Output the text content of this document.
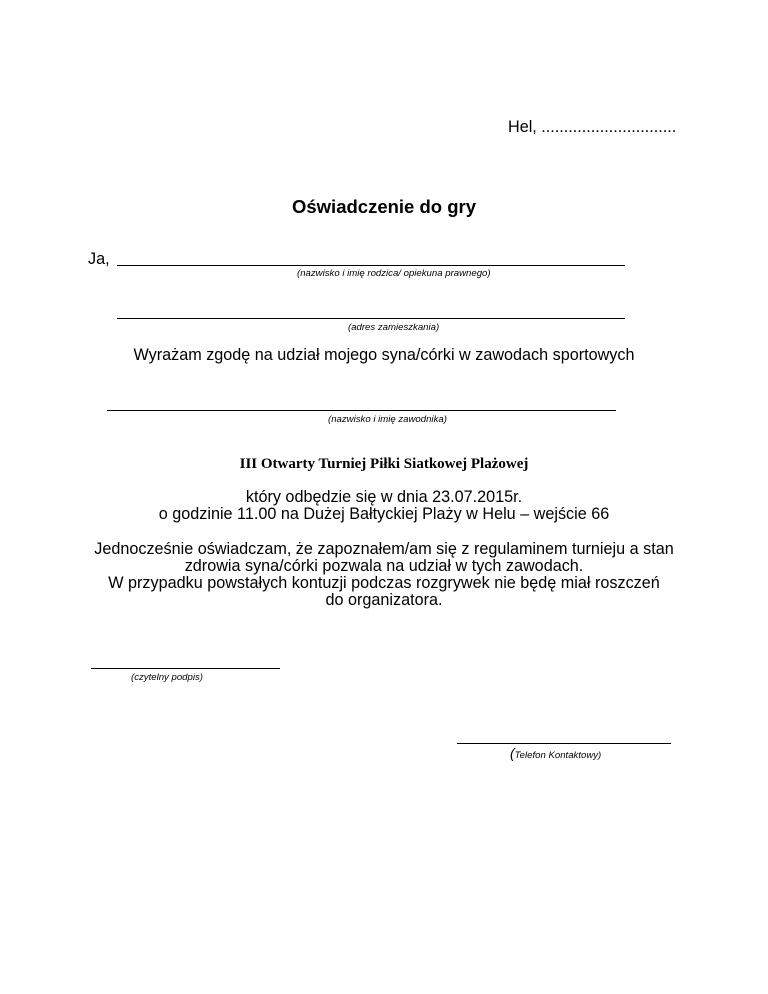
Hel, ..............................
Oświadczenie do gry
Ja,
(nazwisko i imię rodzica/ opiekuna prawnego)
(adres zamieszkania)
Wyrażam zgodę na udział mojego syna/córki w zawodach sportowych
(nazwisko i imię zawodnika)
III Otwarty Turniej Piłki Siatkowej Plażowej
który odbędzie się w dnia 23.07.2015r.
o godzinie 11.00 na Dużej Bałtyckiej Plaży w Helu – wejście 66
Jednocześnie oświadczam, że zapoznałem/am się z regulaminem turnieju a stan
zdrowia syna/córki pozwala na udział w tych zawodach.
W przypadku powstałych kontuzji podczas rozgrywek nie będę miał roszczeń
do organizatora.
(czytelny podpis)
(Telefon Kontaktowy)
